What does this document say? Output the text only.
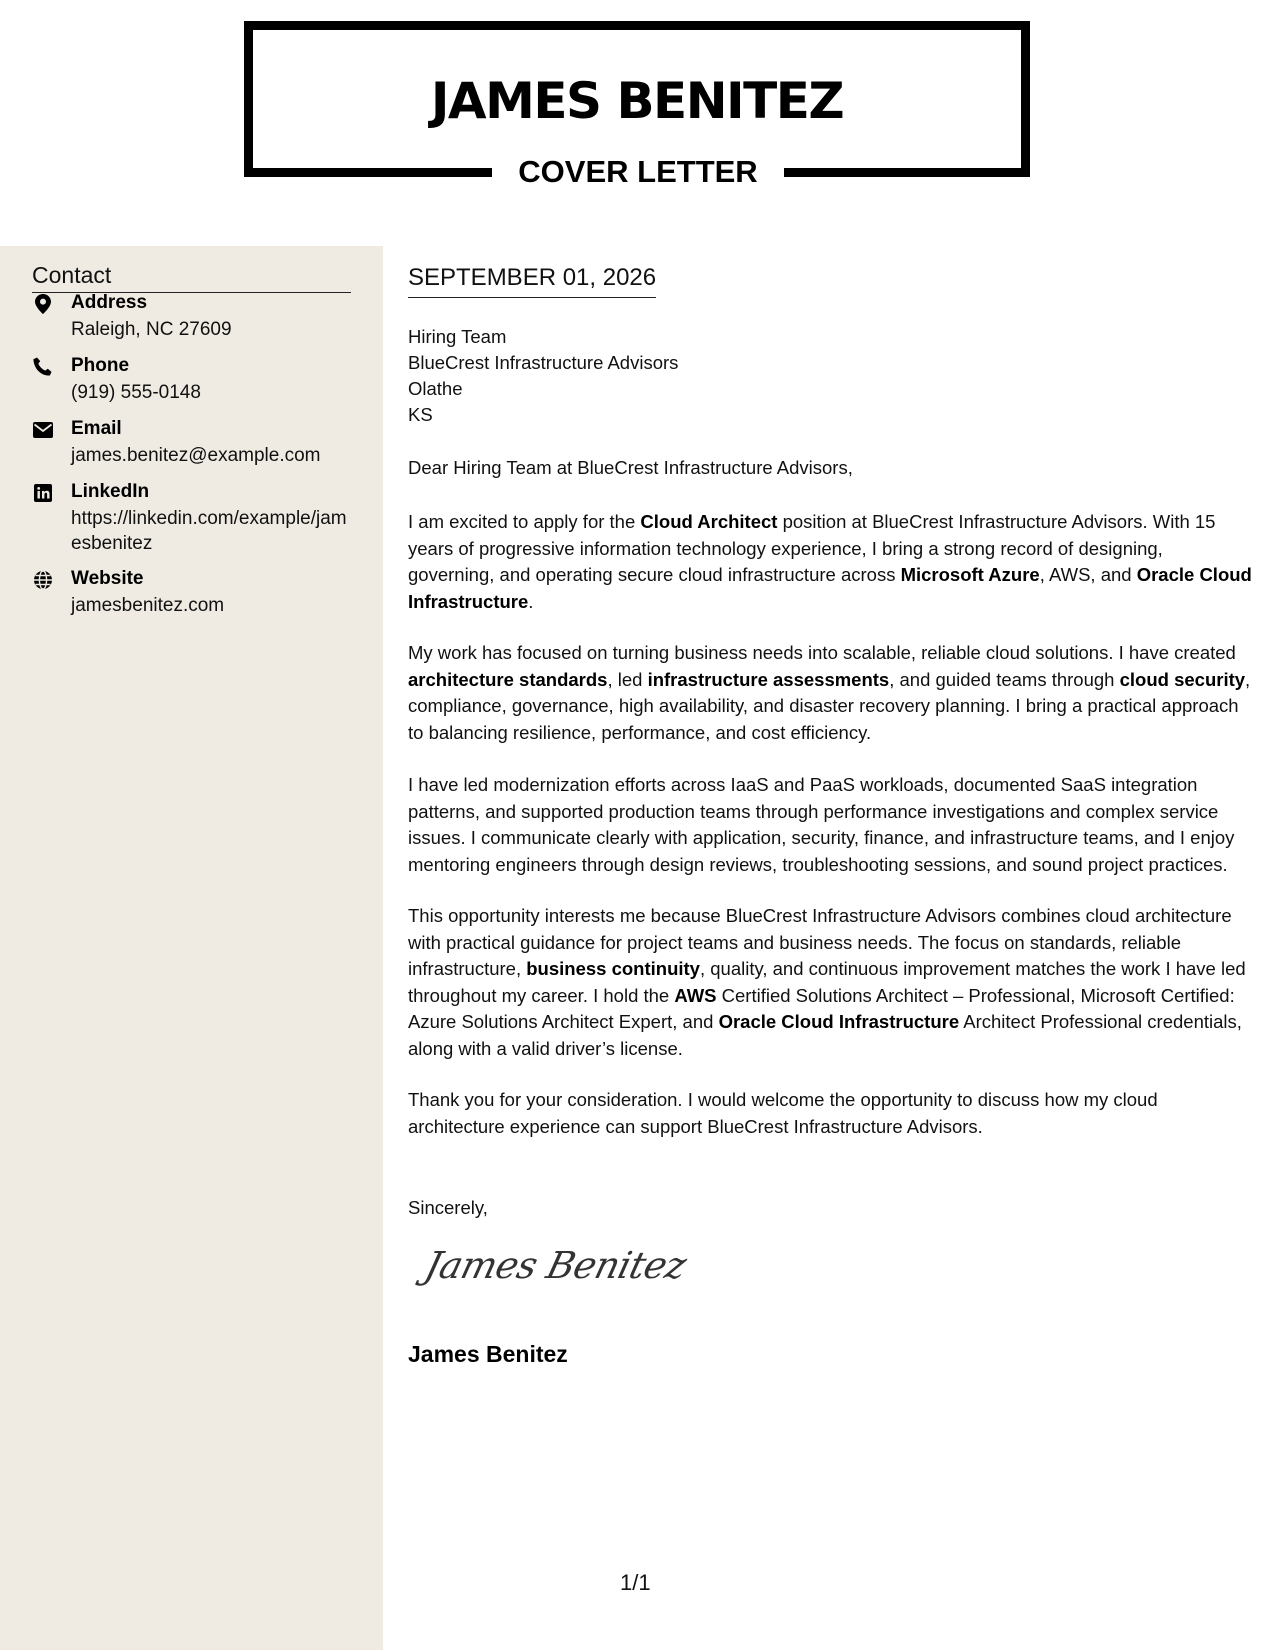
JAMES BENITEZ
COVER LETTER
Contact
Address
Raleigh, NC 27609
Phone
(919) 555-0148
Email
james.benitez@example.com
LinkedIn
https://linkedin.com/example/jamesbenitez
Website
jamesbenitez.com
SEPTEMBER 01, 2026
Hiring Team
BlueCrest Infrastructure Advisors
Olathe
KS
Dear Hiring Team at BlueCrest Infrastructure Advisors,
I am excited to apply for the Cloud Architect position at BlueCrest Infrastructure Advisors. With 15 years of progressive information technology experience, I bring a strong record of designing, governing, and operating secure cloud infrastructure across Microsoft Azure, AWS, and Oracle Cloud Infrastructure.
My work has focused on turning business needs into scalable, reliable cloud solutions. I have created architecture standards, led infrastructure assessments, and guided teams through cloud security, compliance, governance, high availability, and disaster recovery planning. I bring a practical approach to balancing resilience, performance, and cost efficiency.
I have led modernization efforts across IaaS and PaaS workloads, documented SaaS integration patterns, and supported production teams through performance investigations and complex service issues. I communicate clearly with application, security, finance, and infrastructure teams, and I enjoy mentoring engineers through design reviews, troubleshooting sessions, and sound project practices.
This opportunity interests me because BlueCrest Infrastructure Advisors combines cloud architecture with practical guidance for project teams and business needs. The focus on standards, reliable infrastructure, business continuity, quality, and continuous improvement matches the work I have led throughout my career. I hold the AWS Certified Solutions Architect – Professional, Microsoft Certified: Azure Solutions Architect Expert, and Oracle Cloud Infrastructure Architect Professional credentials, along with a valid driver’s license.
Thank you for your consideration. I would welcome the opportunity to discuss how my cloud architecture experience can support BlueCrest Infrastructure Advisors.
Sincerely,
James Benitez
James Benitez
1/1
